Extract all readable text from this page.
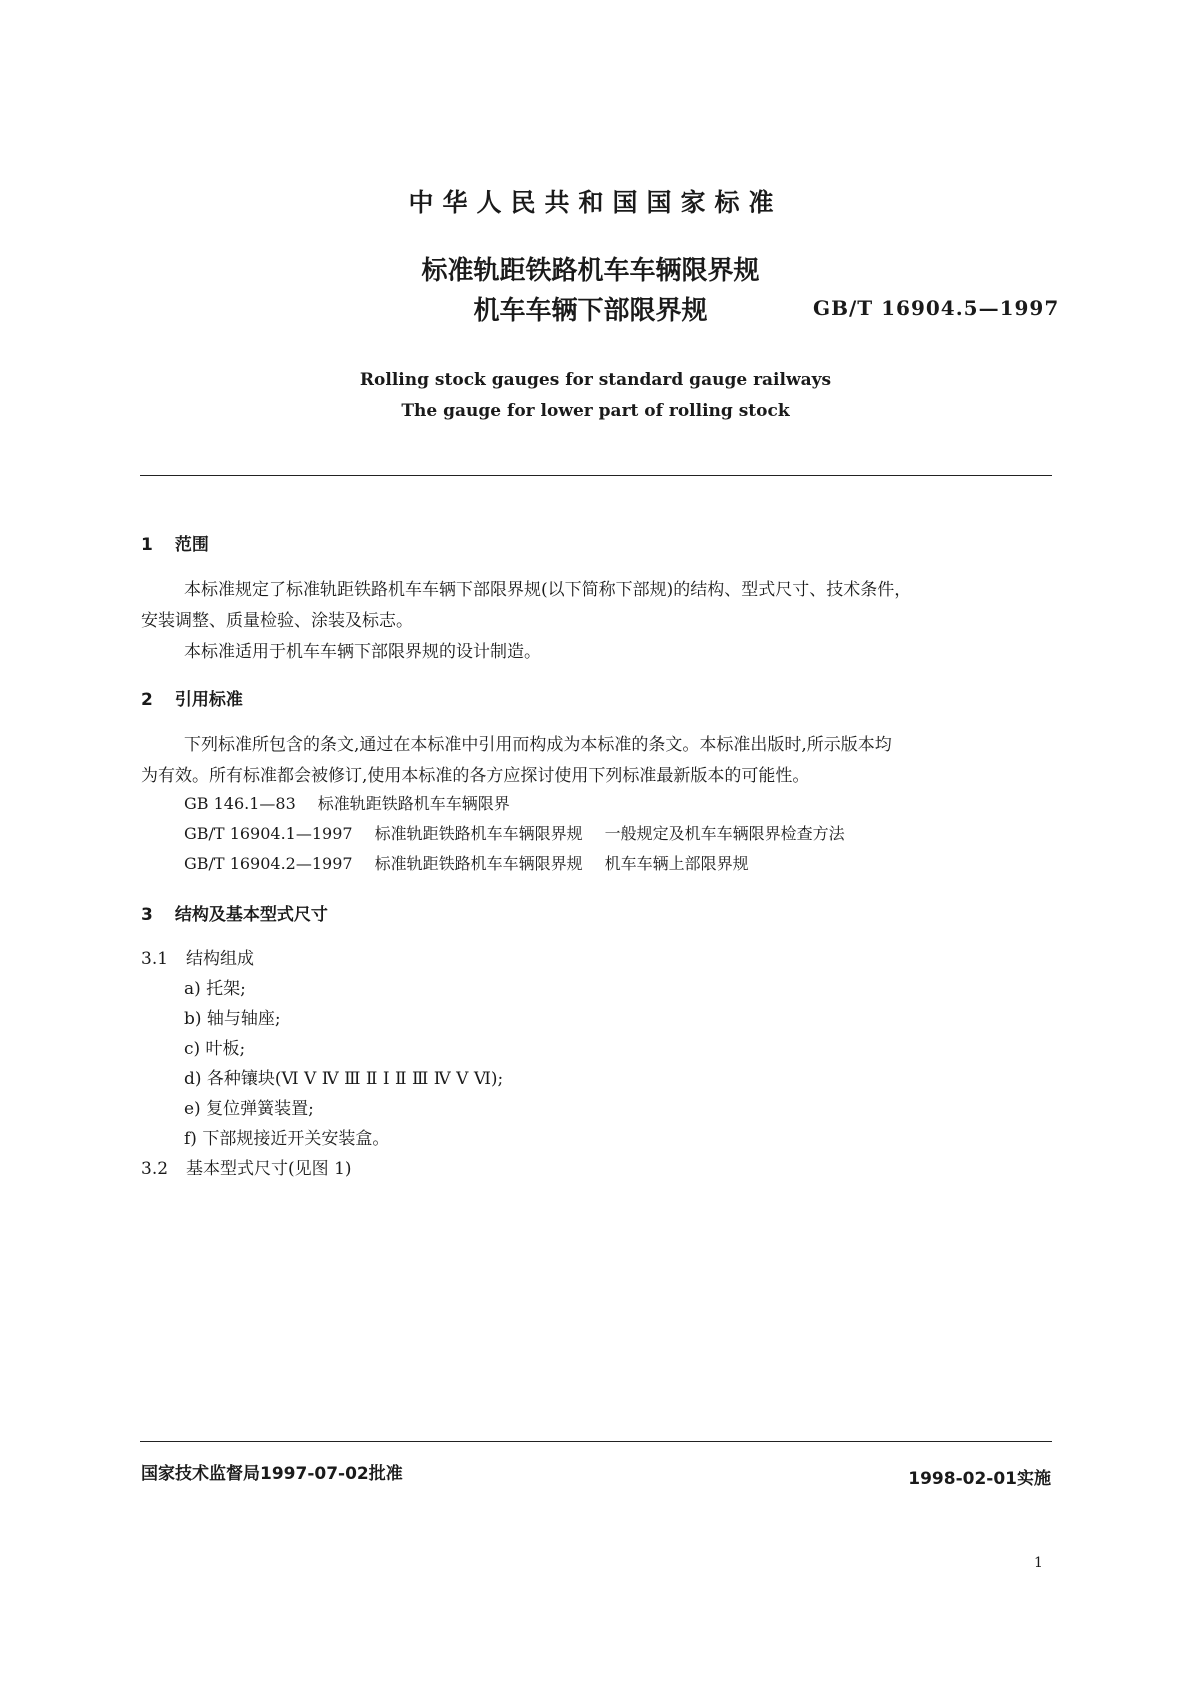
中华人民共和国国家标准
标准轨距铁路机车车辆限界规
机车车辆下部限界规	GB/T 16904.5—1997
Rolling stock gauges for standard gauge railways
The gauge for lower part of rolling stock
1 范围
本标准规定了标准轨距铁路机车车辆下部限界规(以下简称下部规)的结构、型式尺寸、技术条件，
安装调整、质量检验、涂装及标志。
本标准适用于机车车辆下部限界规的设计制造。
2 引用标准
下列标准所包含的条文,通过在本标准中引用而构成为本标准的条文。本标准出版时,所示版本均
为有效。所有标准都会被修订,使用本标准的各方应探讨使用下列标准最新版本的可能性。
GB 146.1—83 标准轨距铁路机车车辆限界
GB/T 16904.1—1997 标准轨距铁路机车车辆限界规 一般规定及机车车辆限界检查方法
GB/T 16904.2—1997 标准轨距铁路机车车辆限界规 机车车辆上部限界规
3 结构及基本型式尺寸
3.1 结构组成
a) 托架;
b) 轴与轴座;
c) 叶板;
d) 各种镶块(Ⅵ Ⅴ Ⅳ Ⅲ Ⅱ Ⅰ Ⅱ Ⅲ Ⅳ Ⅴ Ⅵ);
e) 复位弹簧装置;
f) 下部规接近开关安装盒。
3.2 基本型式尺寸(见图 1)
国家技术监督局1997-07-02批准	1998-02-01实施
1
